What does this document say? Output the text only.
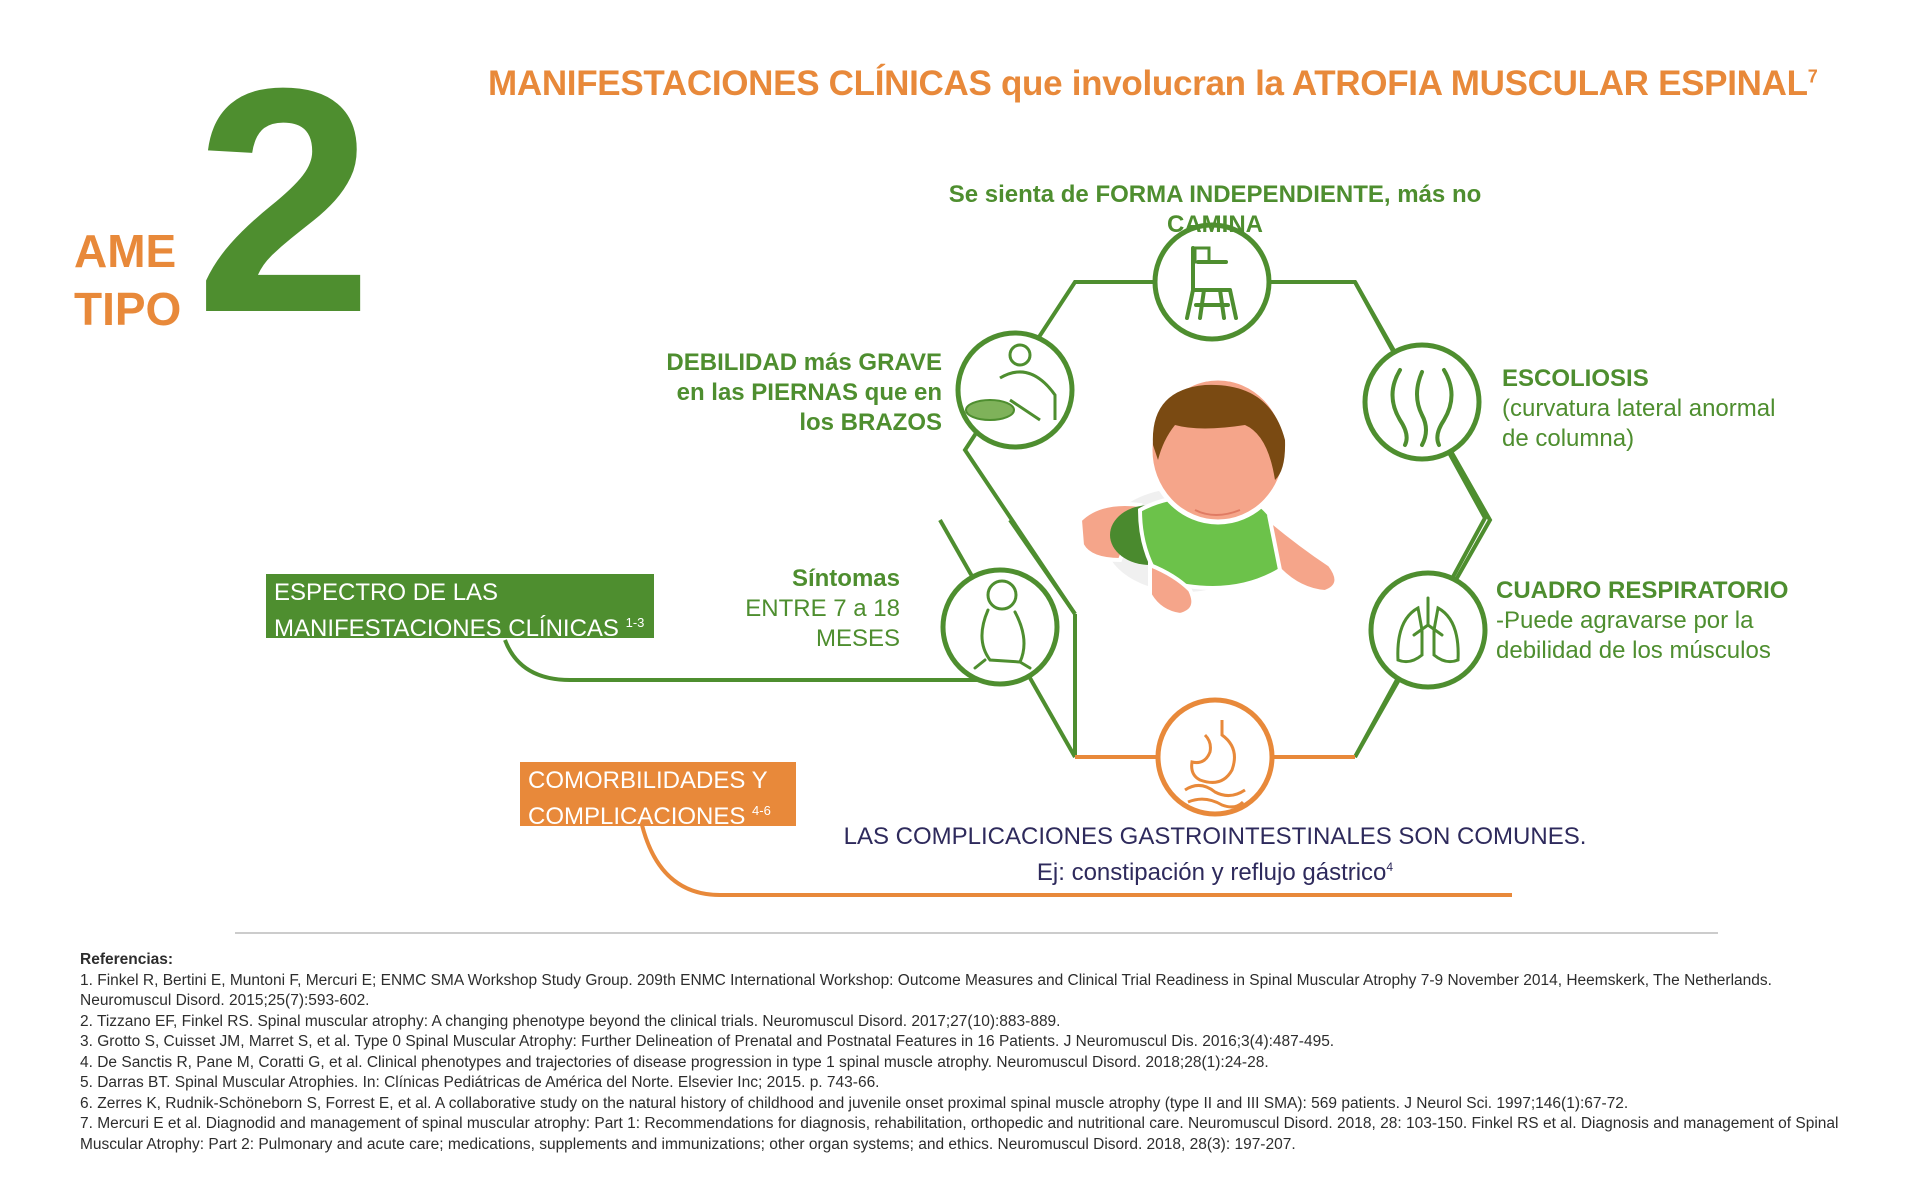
MANIFESTACIONES CLÍNICAS que involucran la ATROFIA MUSCULAR ESPINAL$^7$
AME
TIPO 2	Se sienta de FORMA INDEPENDIENTE, más no CAMINA
DEBILIDAD más GRAVE
en las PIERNAS que en
los BRAZOS
ESCOLIOSIS
(curvatura lateral anormal
de columna)
Síntomas
ENTRE 7 a 18
MESES
CUADRO RESPIRATORIO
-Puede agravarse por la
debilidad de los músculos
LAS COMPLICACIONES GASTROINTESTINALES SON COMUNES.
Ej: constipación y reflujo gástrico$^4$
ESPECTRO DE LAS
MANIFESTACIONES CLÍNICAS $^{1-3}$
COMORBILIDADES Y
COMPLICACIONES $^{4-6}$
Referencias:
1. Finkel R, Bertini E, Muntoni F, Mercuri E; ENMC SMA Workshop Study Group. 209th ENMC International Workshop: Outcome Measures and Clinical Trial Readiness in Spinal Muscular Atrophy 7-9 November 2014, Heemskerk, The Netherlands. Neuromuscul Disord. 2015;25(7):593-602.
2. Tizzano EF, Finkel RS. Spinal muscular atrophy: A changing phenotype beyond the clinical trials. Neuromuscul Disord. 2017;27(10):883-889.
3. Grotto S, Cuisset JM, Marret S, et al. Type 0 Spinal Muscular Atrophy: Further Delineation of Prenatal and Postnatal Features in 16 Patients. J Neuromuscul Dis. 2016;3(4):487-495.
4. De Sanctis R, Pane M, Coratti G, et al. Clinical phenotypes and trajectories of disease progression in type 1 spinal muscle atrophy. Neuromuscul Disord. 2018;28(1):24-28.
5. Darras BT. Spinal Muscular Atrophies. In: Clínicas Pediátricas de América del Norte. Elsevier Inc; 2015. p. 743-66.
6. Zerres K, Rudnik-Schöneborn S, Forrest E, et al. A collaborative study on the natural history of childhood and juvenile onset proximal spinal muscle atrophy (type II and III SMA): 569 patients. J Neurol Sci. 1997;146(1):67-72.
7. Mercuri E et al. Diagnodid and management of spinal muscular atrophy: Part 1: Recommendations for diagnosis, rehabilitation, orthopedic and nutritional care. Neuromuscul Disord. 2018, 28: 103-150. Finkel RS et al. Diagnosis and management of Spinal Muscular Atrophy: Part 2: Pulmonary and acute care; medications, supplements and immunizations; other organ systems; and ethics. Neuromuscul Disord. 2018, 28(3): 197-207.
